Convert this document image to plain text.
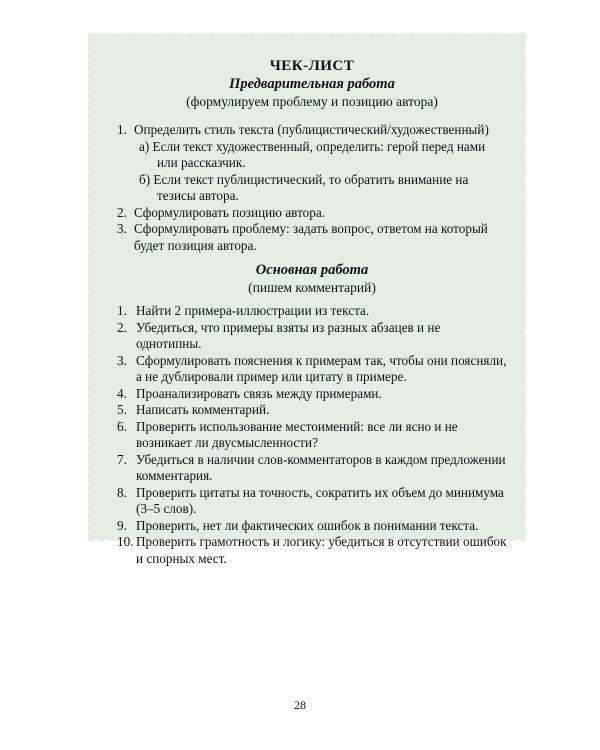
ЧЕК-ЛИСТ
Предварительная работа
(формулируем проблему и позицию автора)
1. Определить стиль текста (публицистический/художественный)
а) Если текст художественный, определить: герой перед нами или рассказчик.
б) Если текст публицистический, то обратить внимание на тезисы автора.
2. Сформулировать позицию автора.
3. Сформулировать проблему: задать вопрос, ответом на который будет позиция автора.
Основная работа
(пишем комментарий)
1. Найти 2 примера-иллюстрации из текста.
2. Убедиться, что примеры взяты из разных абзацев и не однотипны.
3. Сформулировать пояснения к примерам так, чтобы они поясняли, а не дублировали пример или цитату в примере.
4. Проанализировать связь между примерами.
5. Написать комментарий.
6. Проверить использование местоимений: все ли ясно и не возникает ли двусмысленности?
7. Убедиться в наличии слов-комментаторов в каждом предложении комментария.
8. Проверить цитаты на точность, сократить их объем до минимума (3–5 слов).
9. Проверить, нет ли фактических ошибок в понимании текста.
10. Проверить грамотность и логику: убедиться в отсутствии ошибок и спорных мест.
28
